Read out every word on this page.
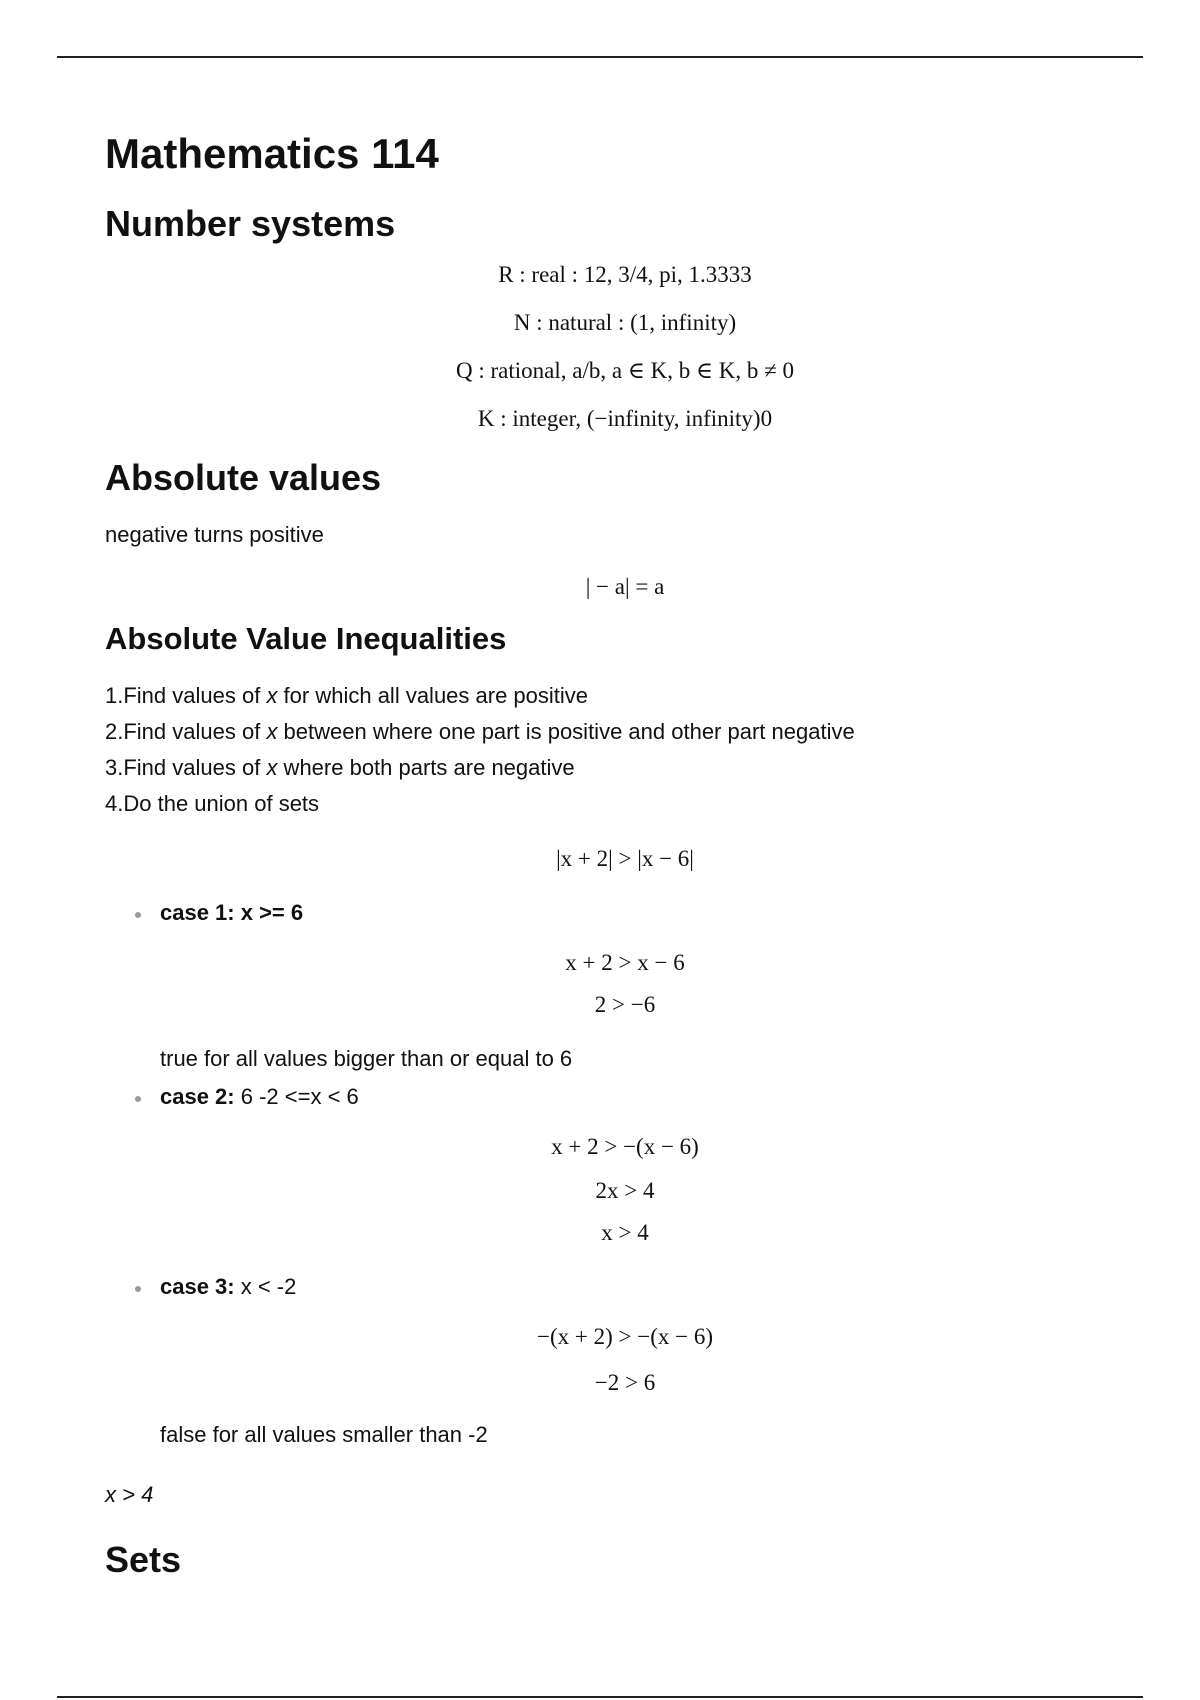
Mathematics 114
Number systems
R : real : 12, 3/4, pi, 1.3333
N : natural : (1, infinity)
Q : rational, a/b, a ∈ K, b ∈ K, b ≠ 0
K : integer, (−infinity, infinity)0
Absolute values

negative turns positive

| − a| = a
Absolute Value Inequalities
1.Find values of x for which all values are positive
2.Find values of x between where one part is positive and other part negative
3.Find values of x where both parts are negative
4.Do the union of sets
|x + 2| > |x − 6|
case 1: x >= 6
x + 2 > x − 6
2 > −6

true for all values bigger than or equal to 6

case 2: 6 -2 <=x < 6
x + 2 > −(x − 6)
2x > 4
x > 4
case 3: x < -2
−(x + 2) > −(x − 6)
−2 > 6

false for all values smaller than -2

x > 4

Sets
